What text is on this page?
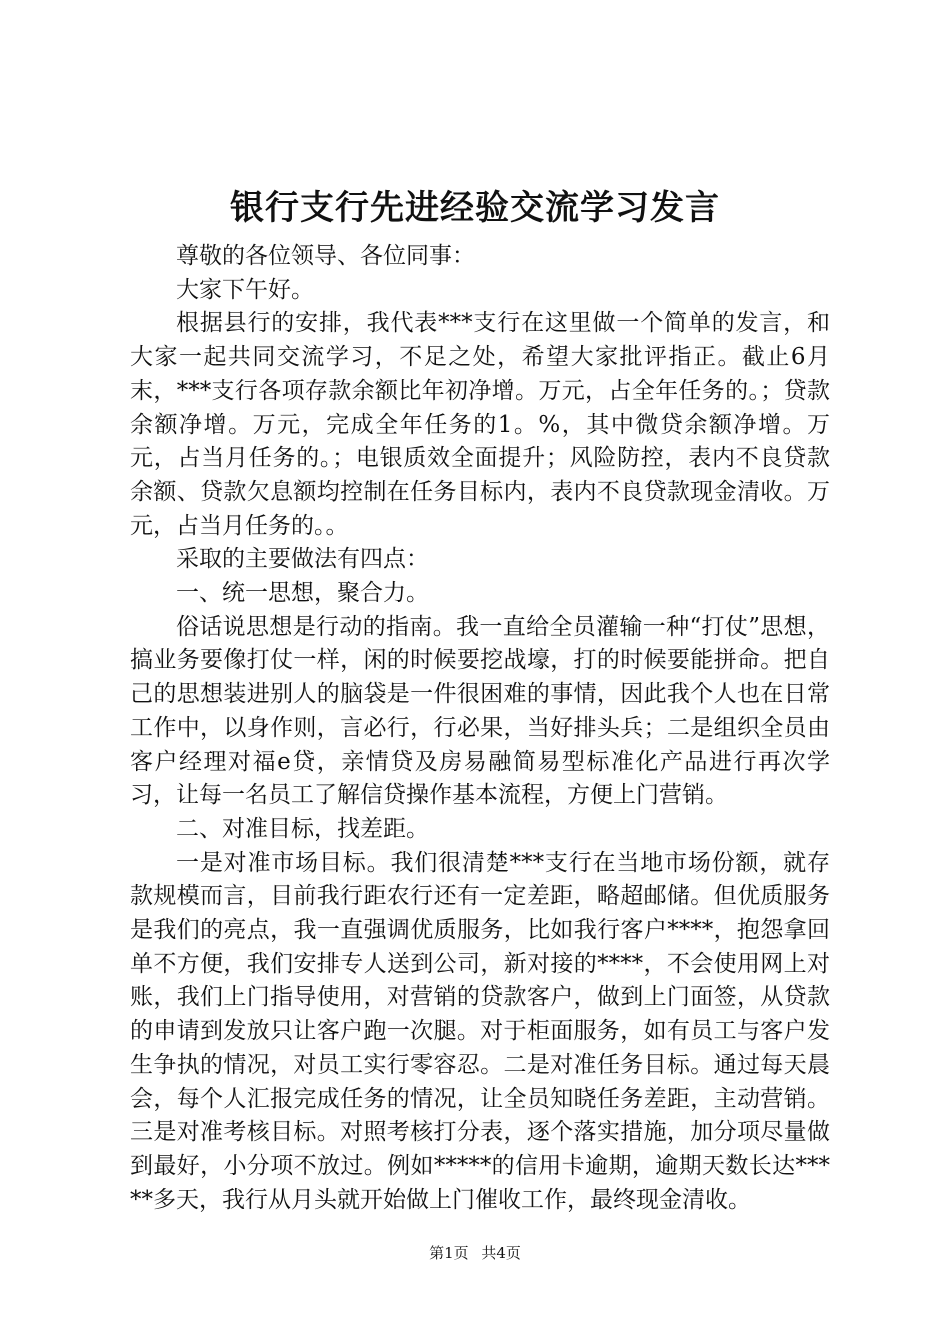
银行支行先进经验交流学习发言

尊敬的各位领导、各位同事：

大家下午好。

根据县行的安排，我代表***支行在这里做一个简单的发言，和大家一起共同交流学习，不足之处，希望大家批评指正。截止6月末，***支行各项存款余额比年初净增。万元，占全年任务的。；贷款余额净增。万元，完成全年任务的1。%，其中微贷余额净增。万元，占当月任务的。；电银质效全面提升；风险防控，表内不良贷款余额、贷款欠息额均控制在任务目标内，表内不良贷款现金清收。万元，占当月任务的。。

采取的主要做法有四点：

一、统一思想，聚合力。

俗话说思想是行动的指南。我一直给全员灌输一种“打仗”思想，搞业务要像打仗一样，闲的时候要挖战壕，打的时候要能拼命。把自己的思想装进别人的脑袋是一件很困难的事情，因此我个人也在日常工作中，以身作则，言必行，行必果，当好排头兵；二是组织全员由客户经理对福e贷，亲情贷及房易融简易型标准化产品进行再次学习，让每一名员工了解信贷操作基本流程，方便上门营销。

二、对准目标，找差距。

一是对准市场目标。我们很清楚***支行在当地市场份额，就存款规模而言，目前我行距农行还有一定差距，略超邮储。但优质服务是我们的亮点，我一直强调优质服务，比如我行客户****，抱怨拿回单不方便，我们安排专人送到公司，新对接的****，不会使用网上对账，我们上门指导使用，对营销的贷款客户，做到上门面签，从贷款的申请到发放只让客户跑一次腿。对于柜面服务，如有员工与客户发生争执的情况，对员工实行零容忍。二是对准任务目标。通过每天晨会，每个人汇报完成任务的情况，让全员知晓任务差距，主动营销。三是对准考核目标。对照考核打分表，逐个落实措施，加分项尽量做到最好，小分项不放过。例如*****的信用卡逾期，逾期天数长达*****多天，我行从月头就开始做上门催收工作，最终现金清收。

第1页 共4页
